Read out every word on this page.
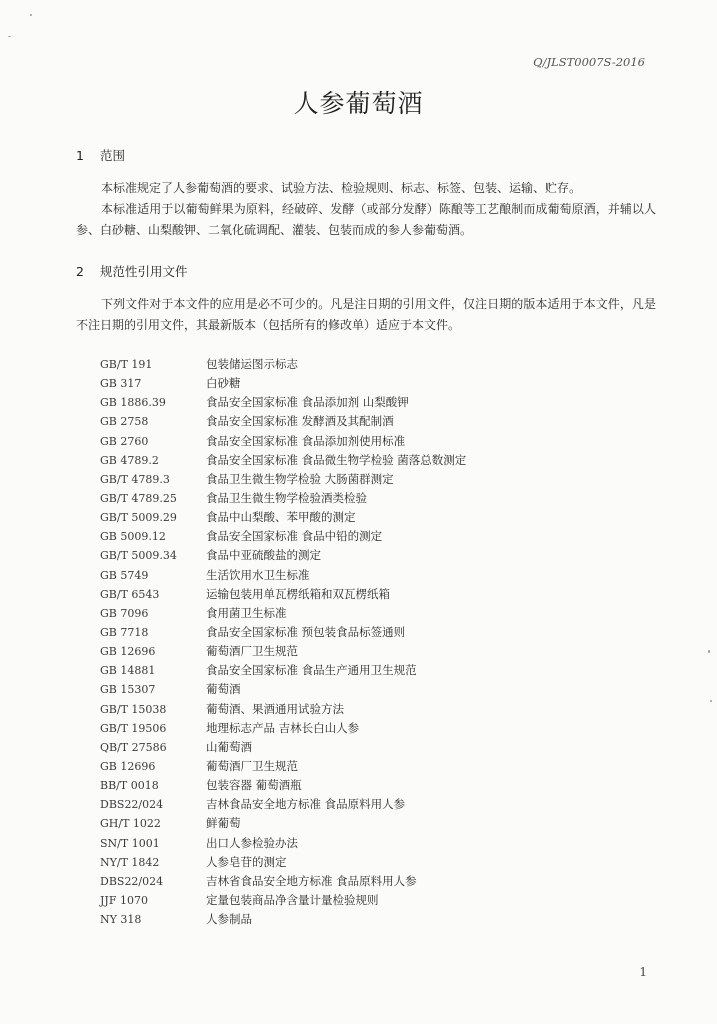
Q/JLST0007S-2016
人参葡萄酒
1 范围
本标准规定了人参葡萄酒的要求、试验方法、检验规则、标志、标签、包装、运输、贮存。
本标准适用于以葡萄鲜果为原料，经破碎、发酵（或部分发酵）陈酿等工艺酿制而成葡萄原酒，并辅以人参、白砂糖、山梨酸钾、二氧化硫调配、灌装、包装而成的参人参葡萄酒。
2 规范性引用文件
下列文件对于本文件的应用是必不可少的。凡是注日期的引用文件，仅注日期的版本适用于本文件，凡是不注日期的引用文件，其最新版本（包括所有的修改单）适应于本文件。
GB/T 191	包装储运图示标志
GB 317	白砂糖
GB 1886.39	食品安全国家标准 食品添加剂 山梨酸钾
GB 2758	食品安全国家标准 发酵酒及其配制酒
GB 2760	食品安全国家标准 食品添加剂使用标准
GB 4789.2	食品安全国家标准 食品微生物学检验 菌落总数测定
GB/T 4789.3	食品卫生微生物学检验 大肠菌群测定
GB/T 4789.25	食品卫生微生物学检验酒类检验
GB/T 5009.29	食品中山梨酸、苯甲酸的测定
GB 5009.12	食品安全国家标准 食品中铅的测定
GB/T 5009.34	食品中亚硫酸盐的测定
GB 5749	生活饮用水卫生标准
GB/T 6543	运输包装用单瓦楞纸箱和双瓦楞纸箱
GB 7096	食用菌卫生标准
GB 7718	食品安全国家标准 预包装食品标签通则
GB 12696	葡萄酒厂卫生规范
GB 14881	食品安全国家标准 食品生产通用卫生规范
GB 15307	葡萄酒
GB/T 15038	葡萄酒、果酒通用试验方法
GB/T 19506	地理标志产品 吉林长白山人参
QB/T 27586	山葡萄酒
GB 12696	葡萄酒厂卫生规范
BB/T 0018	包装容器 葡萄酒瓶
DBS22/024	吉林食品安全地方标准 食品原料用人参
GH/T 1022	鲜葡萄
SN/T 1001	出口人参检验办法
NY/T 1842	人参皂苷的测定
DBS22/024	吉林省食品安全地方标准 食品原料用人参
JJF 1070	定量包装商品净含量计量检验规则
NY 318	人参制品
1
